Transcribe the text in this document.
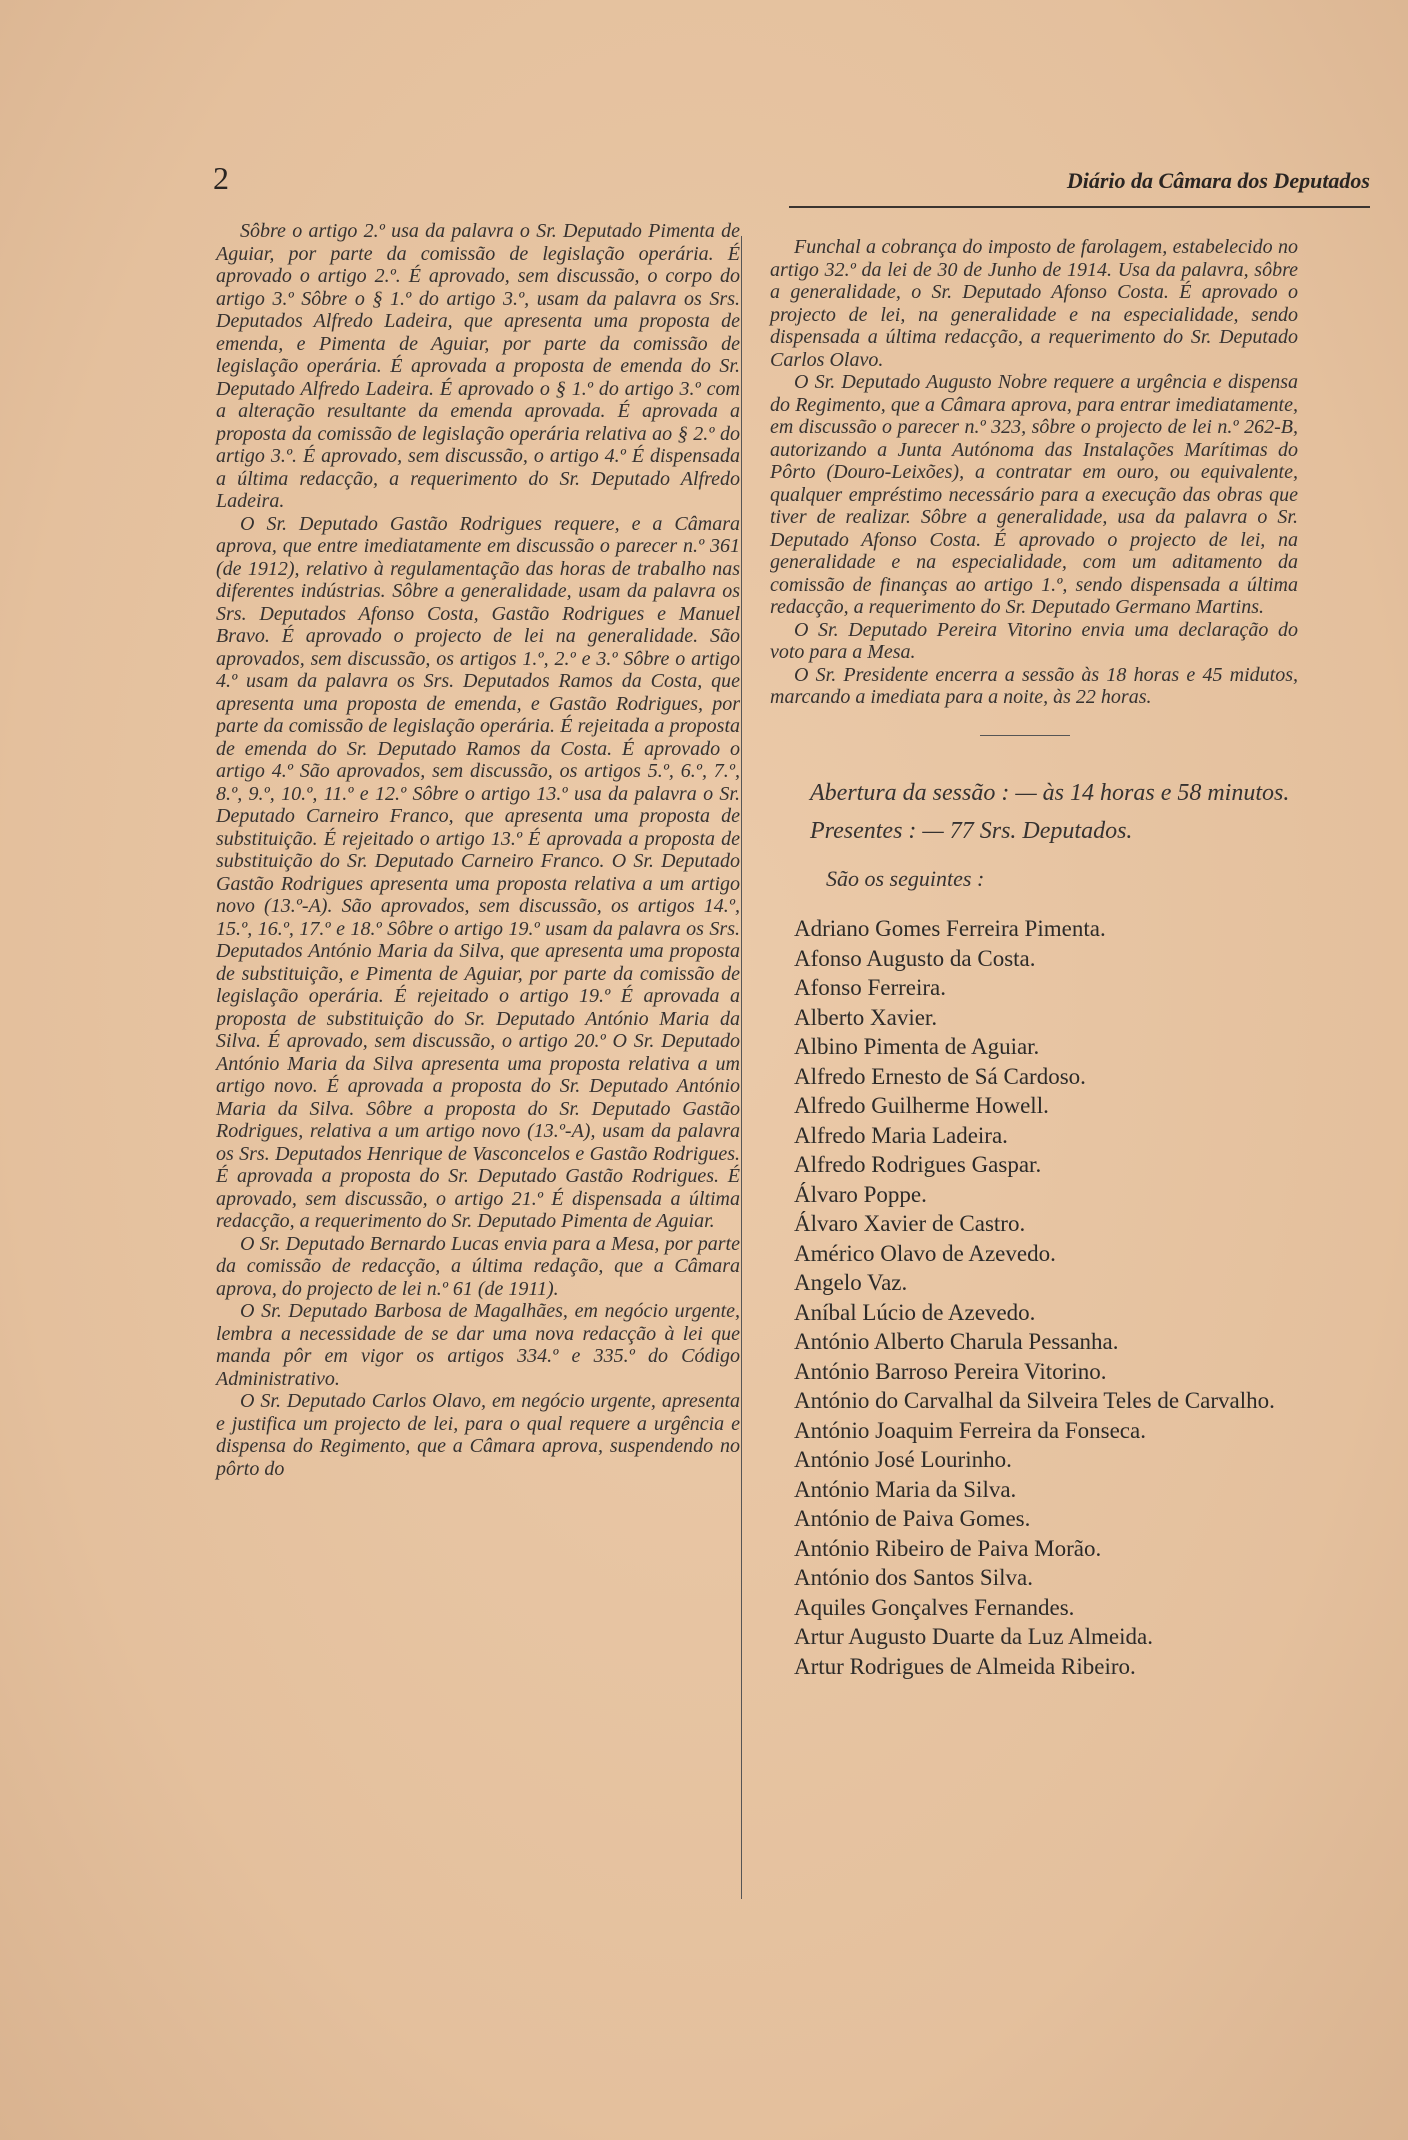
2	Diário da Câmara dos Deputados

Sôbre o artigo 2.º usa da palavra o Sr. Deputado Pimenta de Aguiar, por parte da comissão de legislação operária. É aprovado o artigo 2.º. É aprovado, sem discussão, o corpo do artigo 3.º Sôbre o § 1.º do artigo 3.º, usam da palavra os Srs. Deputados Alfredo Ladeira, que apresenta uma proposta de emenda, e Pimenta de Aguiar, por parte da comissão de legislação operária. É aprovada a proposta de emenda do Sr. Deputado Alfredo Ladeira. É aprovado o § 1.º do artigo 3.º com a alteração resultante da emenda aprovada. É aprovada a proposta da comissão de legislação operária relativa ao § 2.º do artigo 3.º. É aprovado, sem discussão, o artigo 4.º É dispensada a última redacção, a requerimento do Sr. Deputado Alfredo Ladeira.

O Sr. Deputado Gastão Rodrigues requere, e a Câmara aprova, que entre imediatamente em discussão o parecer n.º 361 (de 1912), relativo à regulamentação das horas de trabalho nas diferentes indústrias. Sôbre a generalidade, usam da palavra os Srs. Deputados Afonso Costa, Gastão Rodrigues e Manuel Bravo. É aprovado o projecto de lei na generalidade. São aprovados, sem discussão, os artigos 1.º, 2.º e 3.º Sôbre o artigo 4.º usam da palavra os Srs. Deputados Ramos da Costa, que apresenta uma proposta de emenda, e Gastão Rodrigues, por parte da comissão de legislação operária. É rejeitada a proposta de emenda do Sr. Deputado Ramos da Costa. É aprovado o artigo 4.º São aprovados, sem discussão, os artigos 5.º, 6.º, 7.º, 8.º, 9.º, 10.º, 11.º e 12.º Sôbre o artigo 13.º usa da palavra o Sr. Deputado Carneiro Franco, que apresenta uma proposta de substituição. É rejeitado o artigo 13.º É aprovada a proposta de substituição do Sr. Deputado Carneiro Franco. O Sr. Deputado Gastão Rodrigues apresenta uma proposta relativa a um artigo novo (13.º-A). São aprovados, sem discussão, os artigos 14.º, 15.º, 16.º, 17.º e 18.º Sôbre o artigo 19.º usam da palavra os Srs. Deputados António Maria da Silva, que apresenta uma proposta de substituição, e Pimenta de Aguiar, por parte da comissão de legislação operária. É rejeitado o artigo 19.º É aprovada a proposta de substituição do Sr. Deputado António Maria da Silva. É aprovado, sem discussão, o artigo 20.º O Sr. Deputado António Maria da Silva apresenta uma proposta relativa a um artigo novo. É aprovada a proposta do Sr. Deputado António Maria da Silva. Sôbre a proposta do Sr. Deputado Gastão Rodrigues, relativa a um artigo novo (13.º-A), usam da palavra os Srs. Deputados Henrique de Vasconcelos e Gastão Rodrigues. É aprovada a proposta do Sr. Deputado Gastão Rodrigues. É aprovado, sem discussão, o artigo 21.º É dispensada a última redacção, a requerimento do Sr. Deputado Pimenta de Aguiar.

O Sr. Deputado Bernardo Lucas envia para a Mesa, por parte da comissão de redacção, a última redação, que a Câmara aprova, do projecto de lei n.º 61 (de 1911).

O Sr. Deputado Barbosa de Magalhães, em negócio urgente, lembra a necessidade de se dar uma nova redacção à lei que manda pôr em vigor os artigos 334.º e 335.º do Código Administrativo.

O Sr. Deputado Carlos Olavo, em negócio urgente, apresenta e justifica um projecto de lei, para o qual requere a urgência e dispensa do Regimento, que a Câmara aprova, suspendendo no pôrto do

Funchal a cobrança do imposto de farolagem, estabelecido no artigo 32.º da lei de 30 de Junho de 1914. Usa da palavra, sôbre a generalidade, o Sr. Deputado Afonso Costa. É aprovado o projecto de lei, na generalidade e na especialidade, sendo dispensada a última redacção, a requerimento do Sr. Deputado Carlos Olavo.

O Sr. Deputado Augusto Nobre requere a urgência e dispensa do Regimento, que a Câmara aprova, para entrar imediatamente, em discussão o parecer n.º 323, sôbre o projecto de lei n.º 262-B, autorizando a Junta Autónoma das Instalações Marítimas do Pôrto (Douro-Leixões), a contratar em ouro, ou equivalente, qualquer empréstimo necessário para a execução das obras que tiver de realizar. Sôbre a generalidade, usa da palavra o Sr. Deputado Afonso Costa. É aprovado o projecto de lei, na generalidade e na especialidade, com um aditamento da comissão de finanças ao artigo 1.º, sendo dispensada a última redacção, a requerimento do Sr. Deputado Germano Martins.

O Sr. Deputado Pereira Vitorino envia uma declaração do voto para a Mesa.

O Sr. Presidente encerra a sessão às 18 horas e 45 midutos, marcando a imediata para a noite, às 22 horas.

Abertura da sessão : — às 14 horas e 58 minutos.
Presentes : — 77 Srs. Deputados.
São os seguintes :
Adriano Gomes Ferreira Pimenta.
Afonso Augusto da Costa.
Afonso Ferreira.
Alberto Xavier.
Albino Pimenta de Aguiar.
Alfredo Ernesto de Sá Cardoso.
Alfredo Guilherme Howell.
Alfredo Maria Ladeira.
Alfredo Rodrigues Gaspar.
Álvaro Poppe.
Álvaro Xavier de Castro.
Américo Olavo de Azevedo.
Angelo Vaz.
Aníbal Lúcio de Azevedo.
António Alberto Charula Pessanha.
António Barroso Pereira Vitorino.
António do Carvalhal da Silveira Teles de Carvalho.
António Joaquim Ferreira da Fonseca.
António José Lourinho.
António Maria da Silva.
António de Paiva Gomes.
António Ribeiro de Paiva Morão.
António dos Santos Silva.
Aquiles Gonçalves Fernandes.
Artur Augusto Duarte da Luz Almeida.
Artur Rodrigues de Almeida Ribeiro.
